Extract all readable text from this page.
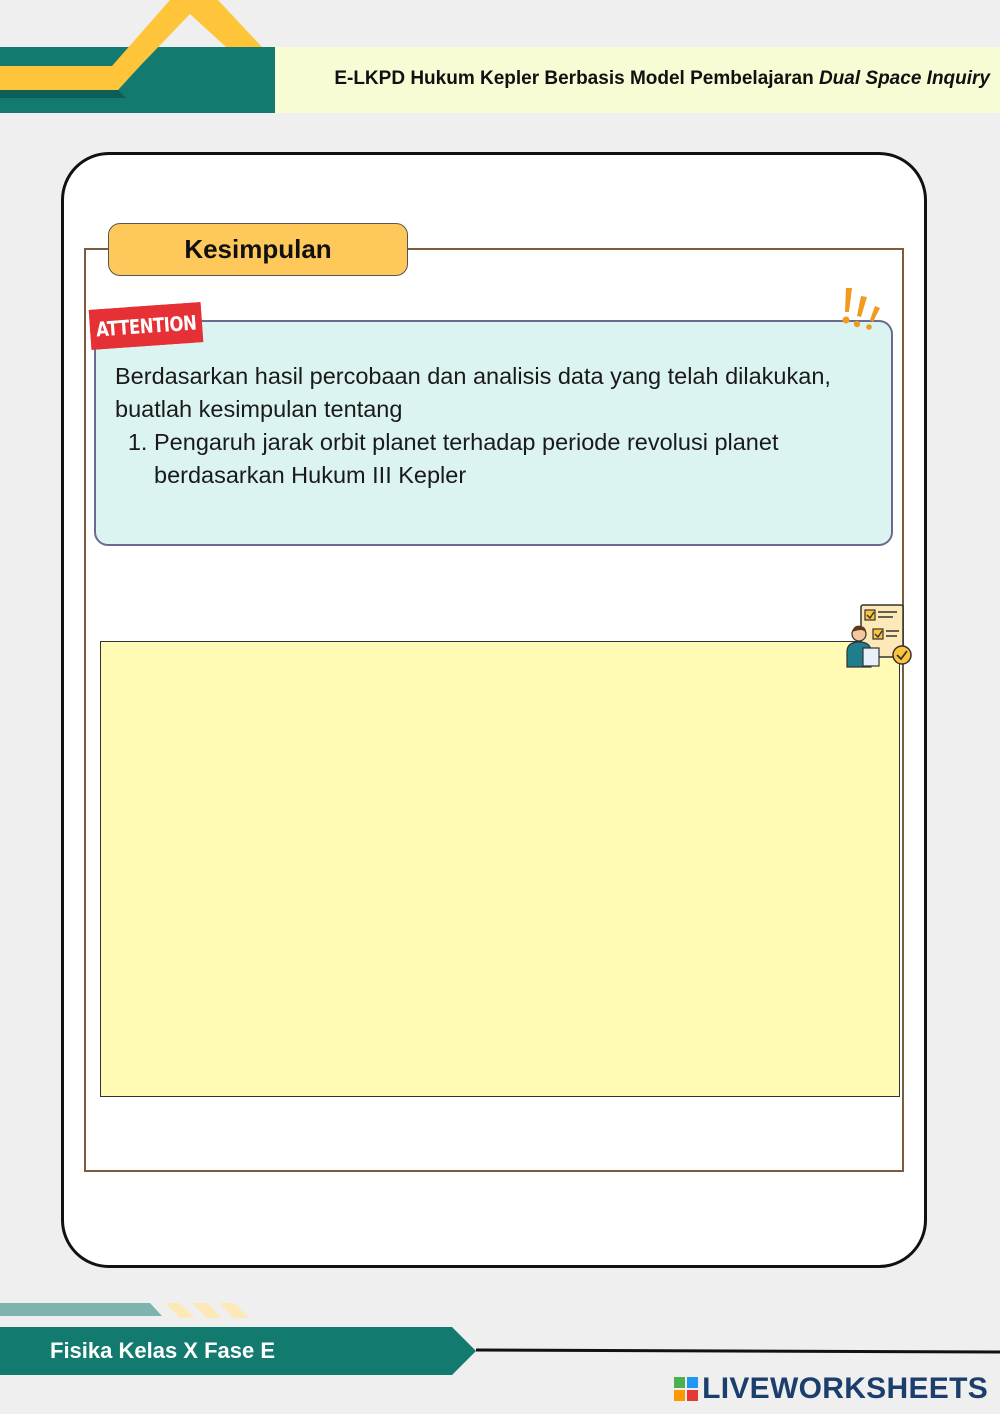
E-LKPD Hukum Kepler Berbasis Model Pembelajaran Dual Space Inquiry
Kesimpulan

Berdasarkan hasil percobaan dan analisis data yang telah dilakukan, buatlah kesimpulan tentang

1. Pengaruh jarak orbit planet terhadap periode revolusi planet berdasarkan Hukum III Kepler
ATTENTION
Fisika Kelas X Fase E
LIVEWORKSHEETS
